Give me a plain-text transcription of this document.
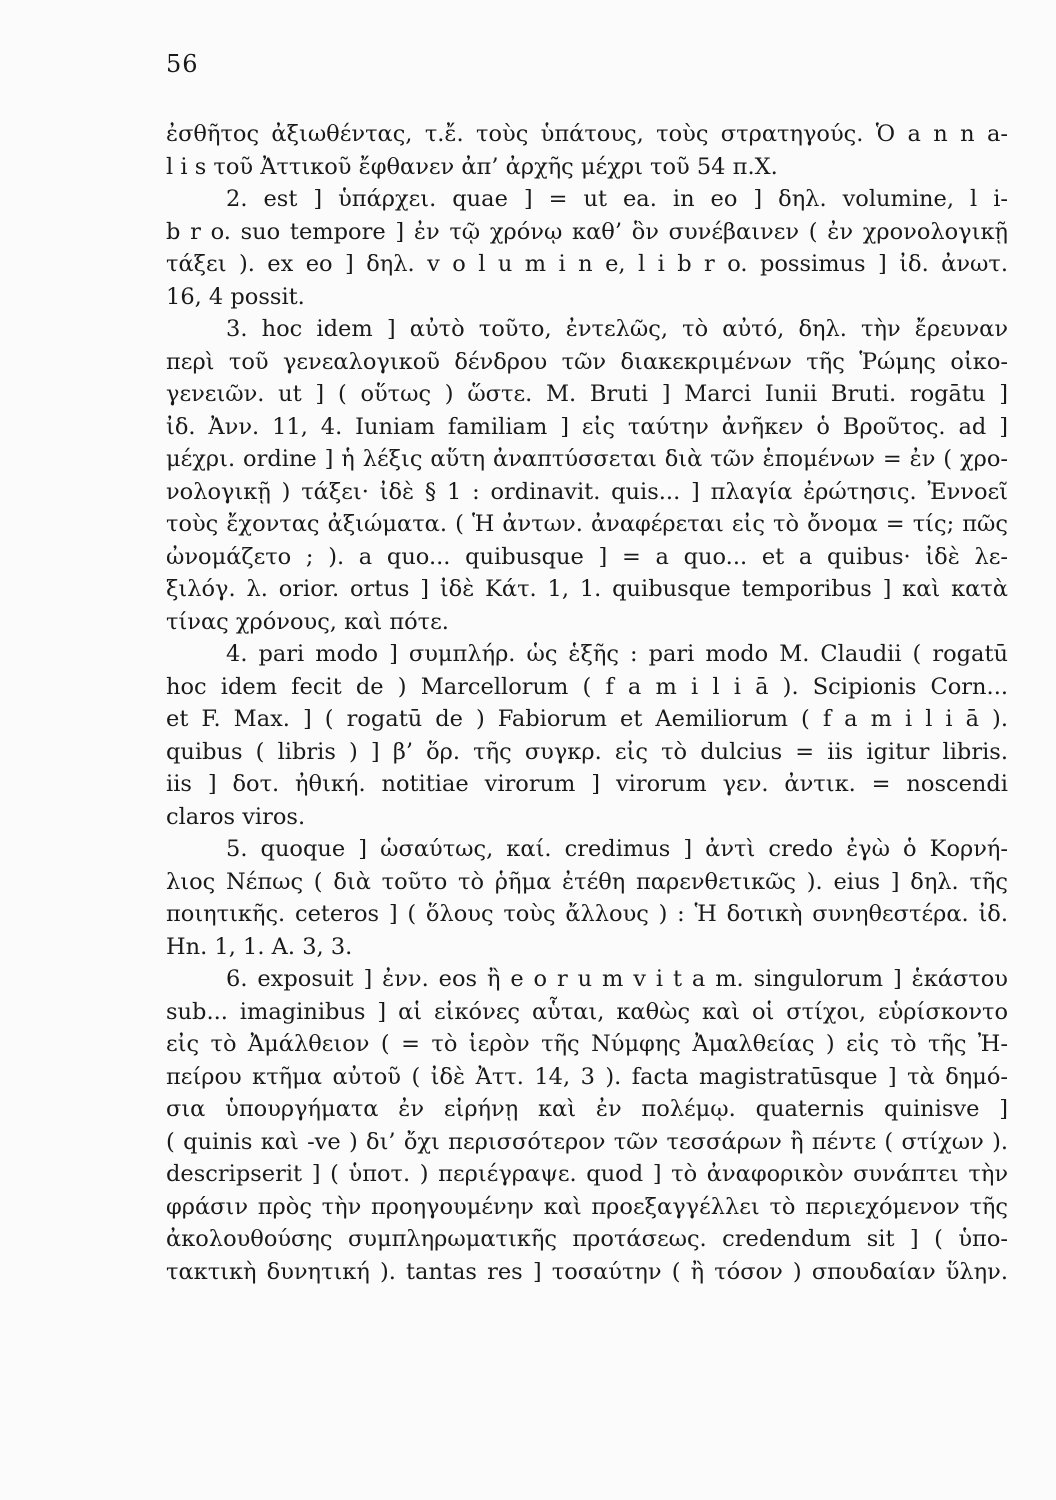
56
ἐσθῆτος ἀξιωθέντας, τ.ἔ. τοὺς ὑπάτους, τοὺς στρατηγούς. Ὁ a n n a-
l i s τοῦ Ἀττικοῦ ἔφθανεν ἀπ’ ἀρχῆς μέχρι τοῦ 54 π.Χ.
2. est ] ὑπάρχει. quae ] = ut ea. in eo ] δηλ. volumine, l i-
b r o. suo tempore ] ἐν τῷ χρόνῳ καθ’ ὃν συνέβαινεν ( ἐν χρονολογικῇ
τάξει ). ex eo ] δηλ. v o l u m i n e, l i b r o. possimus ] ἰδ. ἀνωτ.
16, 4 possit.
3. hoc idem ] αὐτὸ τοῦτο, ἐντελῶς, τὸ αὐτό, δηλ. τὴν ἔρευναν
περὶ τοῦ γενεαλογικοῦ δένδρου τῶν διακεκριμένων τῆς Ῥώμης οἰκο-
γενειῶν. ut ] ( οὕτως ) ὥστε. M. Bruti ] Marci Iunii Bruti. rogātu ]
ἰδ. Ἀνν. 11, 4. Iuniam familiam ] εἰς ταύτην ἀνῆκεν ὁ Βροῦτος. ad ]
μέχρι. ordine ] ἡ λέξις αὕτη ἀναπτύσσεται διὰ τῶν ἑπομένων = ἐν ( χρο-
νολογικῇ ) τάξει· ἰδὲ § 1 : ordinavit. quis... ] πλαγία ἐρώτησις. Ἐννοεῖ
τοὺς ἔχοντας ἀξιώματα. ( Ἡ ἀντων. ἀναφέρεται εἰς τὸ ὄνομα = τίς; πῶς
ὠνομάζετο ; ). a quo... quibusque ] = a quo... et a quibus· ἰδὲ λε-
ξιλόγ. λ. orior. ortus ] ἰδὲ Κάτ. 1, 1. quibusque temporibus ] καὶ κατὰ
τίνας χρόνους, καὶ πότε.
4. pari modo ] συμπλήρ. ὡς ἑξῆς : pari modo M. Claudii ( rogatū
hoc idem fecit de ) Marcellorum ( f a m i l i ā ). Scipionis Corn...
et F. Max. ] ( rogatū de ) Fabiorum et Aemiliorum ( f a m i l i ā ).
quibus ( libris ) ] β’ ὅρ. τῆς συγκρ. εἰς τὸ dulcius = iis igitur libris.
iis ] δοτ. ἠθική. notitiae virorum ] virorum γεν. ἀντικ. = noscendi
claros viros.
5. quoque ] ὡσαύτως, καί. credimus ] ἀντὶ credo ἐγὼ ὁ Κορνή-
λιος Νέπως ( διὰ τοῦτο τὸ ῥῆμα ἐτέθη παρενθετικῶς ). eius ] δηλ. τῆς
ποιητικῆς. ceteros ] ( ὅλους τοὺς ἄλλους ) : Ἡ δοτικὴ συνηθεστέρα. ἰδ.
Hn. 1, 1. A. 3, 3.
6. exposuit ] ἐνν. eos ἢ e o r u m v i t a m. singulorum ] ἑκάστου
sub... imaginibus ] αἱ εἰκόνες αὗται, καθὼς καὶ οἱ στίχοι, εὑρίσκοντο
εἰς τὸ Ἀμάλθειον ( = τὸ ἱερὸν τῆς Νύμφης Ἀμαλθείας ) εἰς τὸ τῆς Ἠ-
πείρου κτῆμα αὐτοῦ ( ἰδὲ Ἀττ. 14, 3 ). facta magistratūsque ] τὰ δημό-
σια ὑπουργήματα ἐν εἰρήνῃ καὶ ἐν πολέμῳ. quaternis quinisve ]
( quinis καὶ -ve ) δι’ ὄχι περισσότερον τῶν τεσσάρων ἢ πέντε ( στίχων ).
descripserit ] ( ὑποτ. ) περιέγραψε. quod ] τὸ ἀναφορικὸν συνάπτει τὴν
φράσιν πρὸς τὴν προηγουμένην καὶ προεξαγγέλλει τὸ περιεχόμενον τῆς
ἀκολουθούσης συμπληρωματικῆς προτάσεως. credendum sit ] ( ὑπο-
τακτικὴ δυνητική ). tantas res ] τοσαύτην ( ἢ τόσον ) σπουδαίαν ὕλην.
